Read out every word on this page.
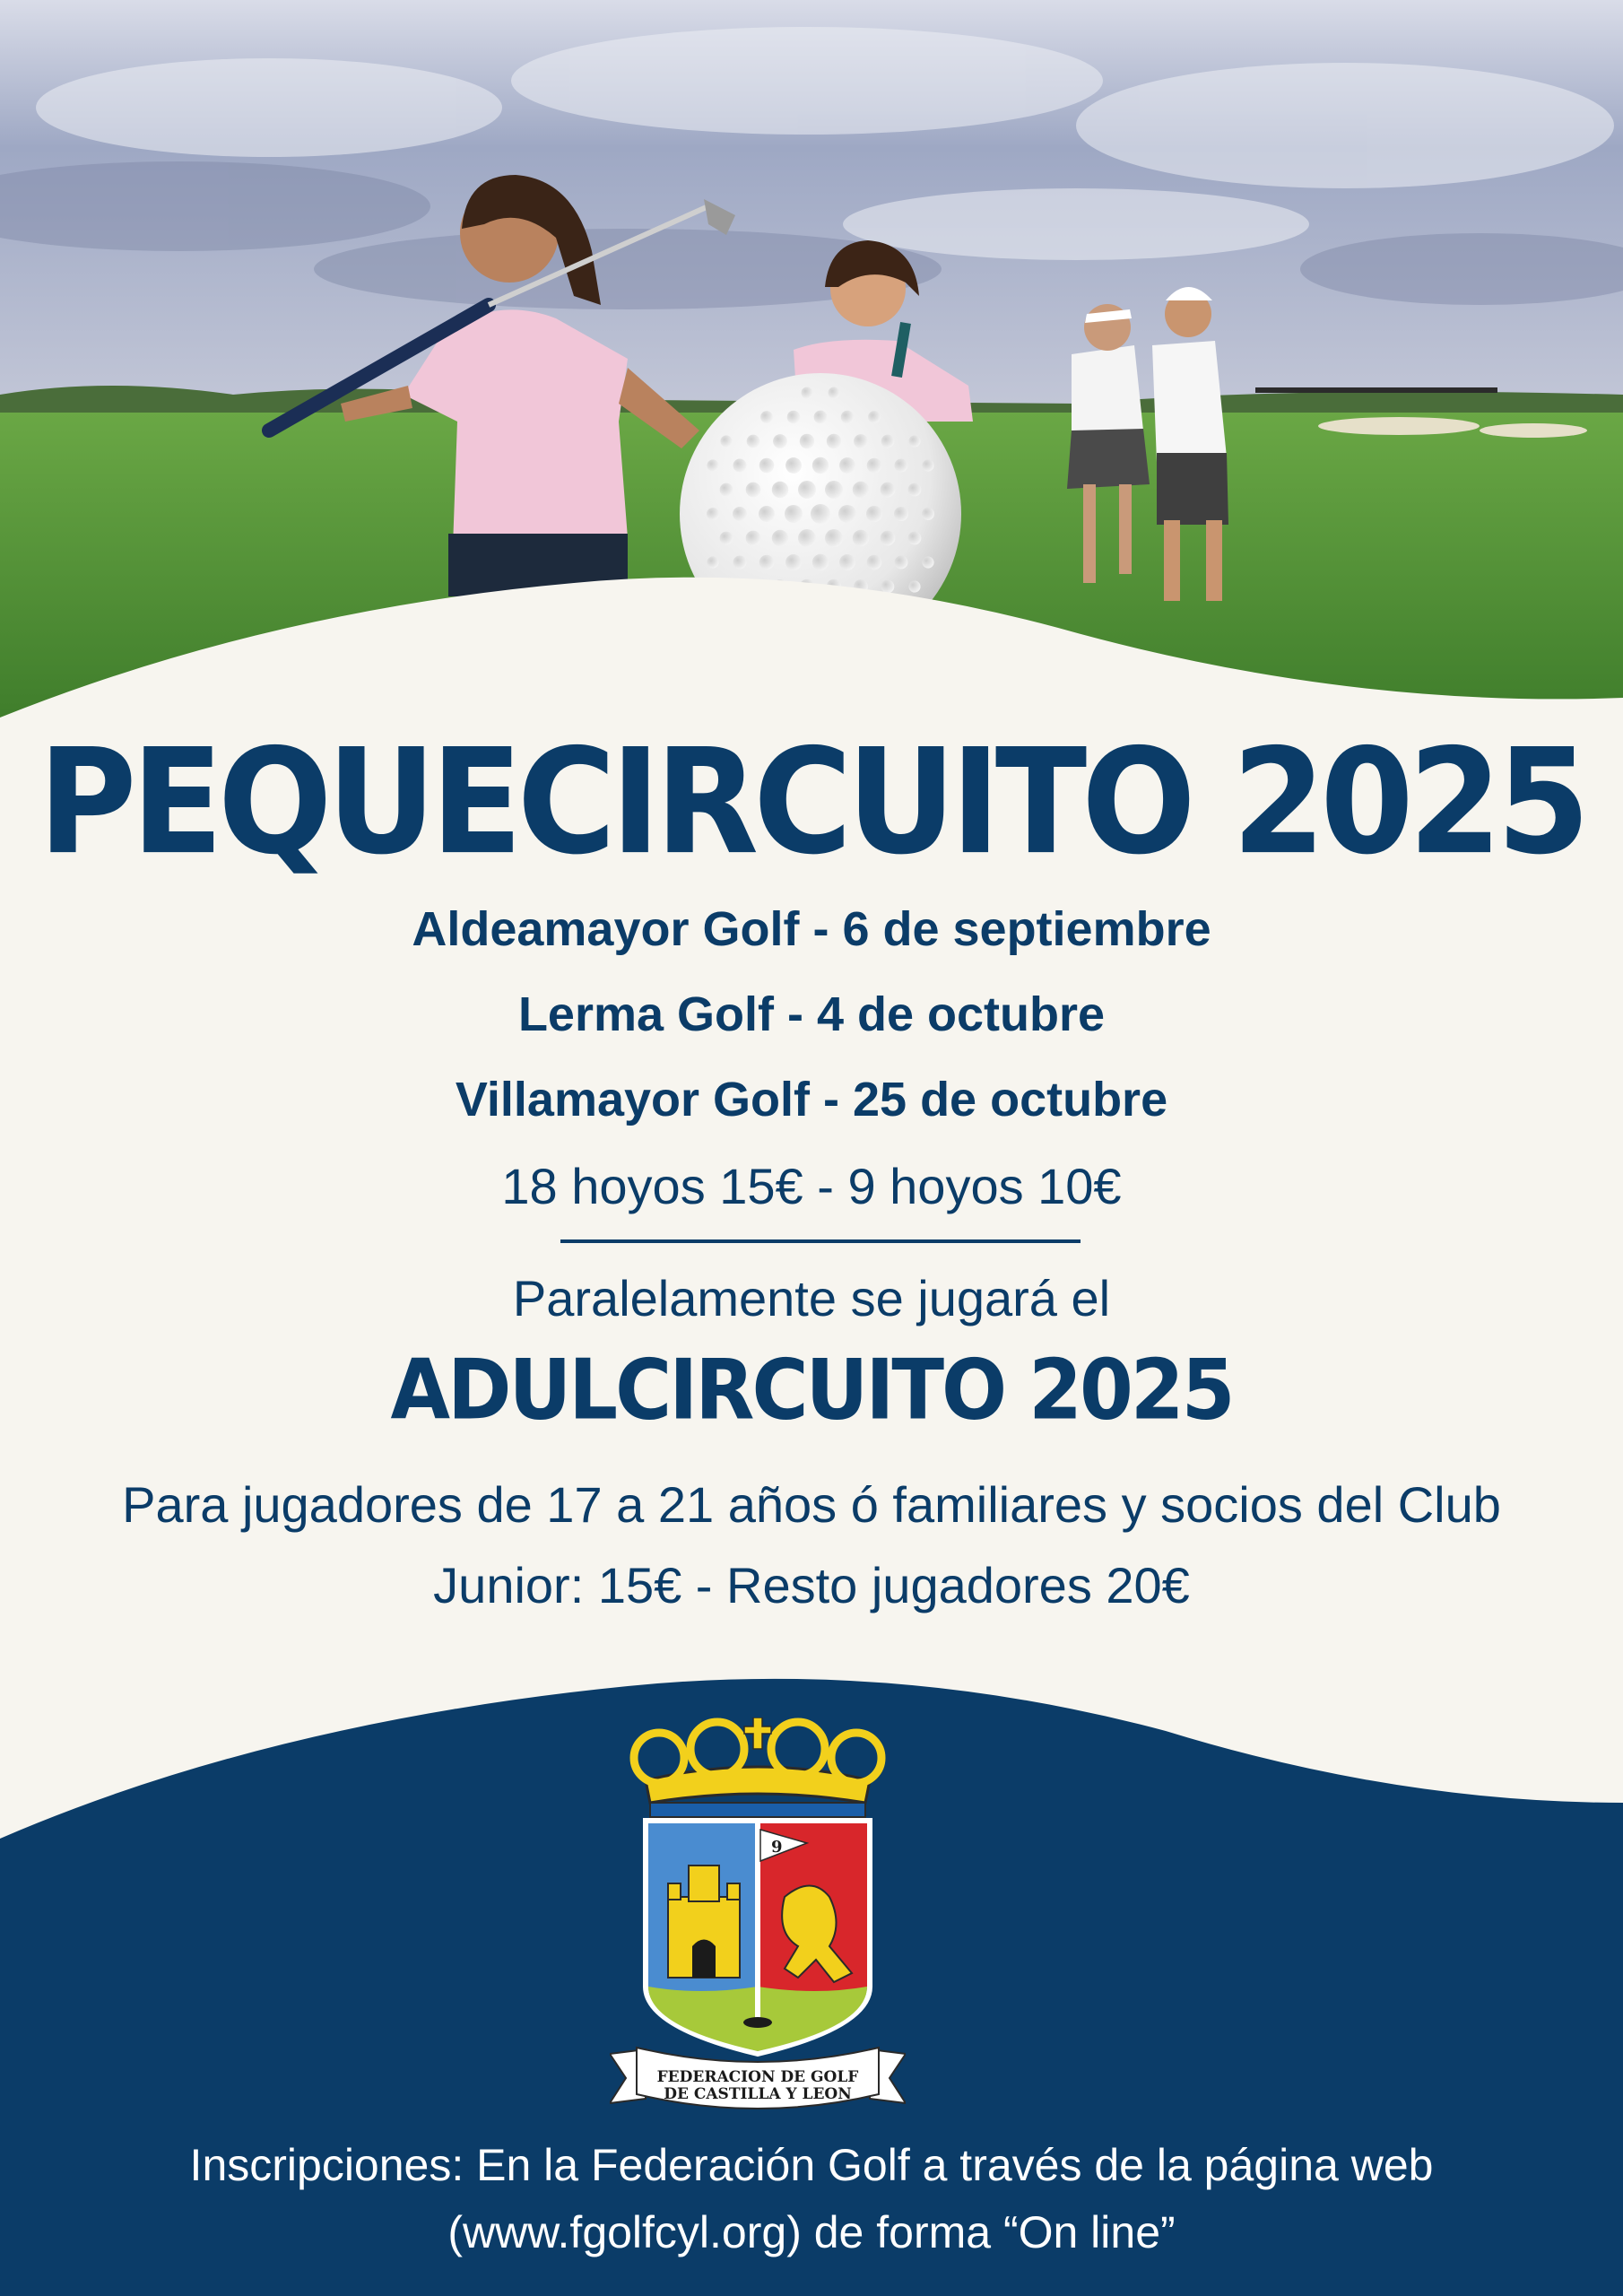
PEQUECIRCUITO 2025
Aldeamayor Golf - 6 de septiembre
Lerma Golf - 4 de octubre
Villamayor Golf - 25 de octubre
18 hoyos 15€ - 9 hoyos 10€
Paralelamente se jugará el
ADULCIRCUITO 2025
Para jugadores de 17 a 21 años ó familiares y socios del Club
Junior: 15€ - Resto jugadores 20€
9
FEDERACION DE GOLF
DE CASTILLA Y LEON
Inscripciones: En la Federación Golf a través de la página web
(www.fgolfcyl.org) de forma “On line”
